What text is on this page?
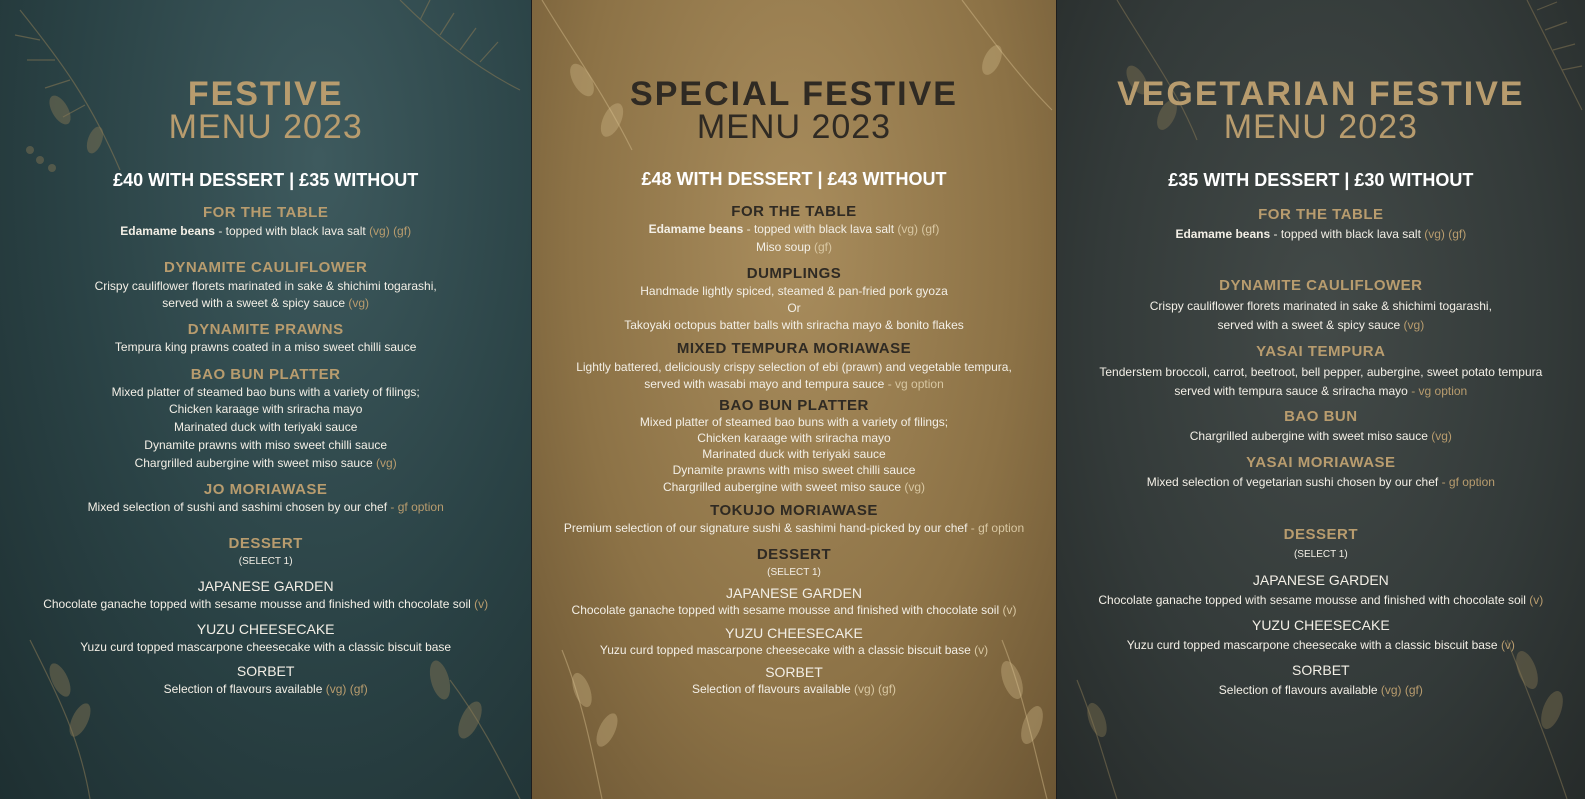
FESTIVE
MENU 2023
£40 WITH DESSERT | £35 WITHOUT
FOR THE TABLE
Edamame beans - topped with black lava salt (vg) (gf)
DYNAMITE CAULIFLOWER
Crispy cauliflower florets marinated in sake & shichimi togarashi,
served with a sweet & spicy sauce (vg)
DYNAMITE PRAWNS
Tempura king prawns coated in a miso sweet chilli sauce
BAO BUN PLATTER
Mixed platter of steamed bao buns with a variety of filings;
Chicken karaage with sriracha mayo
Marinated duck with teriyaki sauce
Dynamite prawns with miso sweet chilli sauce
Chargrilled aubergine with sweet miso sauce (vg)
JO MORIAWASE
Mixed selection of sushi and sashimi chosen by our chef - gf option
DESSERT
(SELECT 1)
JAPANESE GARDEN
Chocolate ganache topped with sesame mousse and finished with chocolate soil (v)
YUZU CHEESECAKE
Yuzu curd topped mascarpone cheesecake with a classic biscuit base
SORBET
Selection of flavours available (vg) (gf)
SPECIAL FESTIVE
MENU 2023
£48 WITH DESSERT | £43 WITHOUT
FOR THE TABLE
Edamame beans - topped with black lava salt (vg) (gf)
Miso soup (gf)
DUMPLINGS
Handmade lightly spiced, steamed & pan-fried pork gyoza
Or
Takoyaki octopus batter balls with sriracha mayo & bonito flakes
MIXED TEMPURA MORIAWASE
Lightly battered, deliciously crispy selection of ebi (prawn) and vegetable tempura,
served with wasabi mayo and tempura sauce - vg option
BAO BUN PLATTER
Mixed platter of steamed bao buns with a variety of filings;
Chicken karaage with sriracha mayo
Marinated duck with teriyaki sauce
Dynamite prawns with miso sweet chilli sauce
Chargrilled aubergine with sweet miso sauce (vg)
TOKUJO MORIAWASE
Premium selection of our signature sushi & sashimi hand-picked by our chef - gf option
DESSERT
(SELECT 1)
JAPANESE GARDEN
Chocolate ganache topped with sesame mousse and finished with chocolate soil (v)
YUZU CHEESECAKE
Yuzu curd topped mascarpone cheesecake with a classic biscuit base (v)
SORBET
Selection of flavours available (vg) (gf)
VEGETARIAN FESTIVE
MENU 2023
£35 WITH DESSERT | £30 WITHOUT
FOR THE TABLE
Edamame beans - topped with black lava salt (vg) (gf)
DYNAMITE CAULIFLOWER
Crispy cauliflower florets marinated in sake & shichimi togarashi,
served with a sweet & spicy sauce (vg)
YASAI TEMPURA
Tenderstem broccoli, carrot, beetroot, bell pepper, aubergine, sweet potato tempura
served with tempura sauce & sriracha mayo - vg option
BAO BUN
Chargrilled aubergine with sweet miso sauce (vg)
YASAI MORIAWASE
Mixed selection of vegetarian sushi chosen by our chef - gf option
DESSERT
(SELECT 1)
JAPANESE GARDEN
Chocolate ganache topped with sesame mousse and finished with chocolate soil (v)
YUZU CHEESECAKE
Yuzu curd topped mascarpone cheesecake with a classic biscuit base (v)
SORBET
Selection of flavours available (vg) (gf)
